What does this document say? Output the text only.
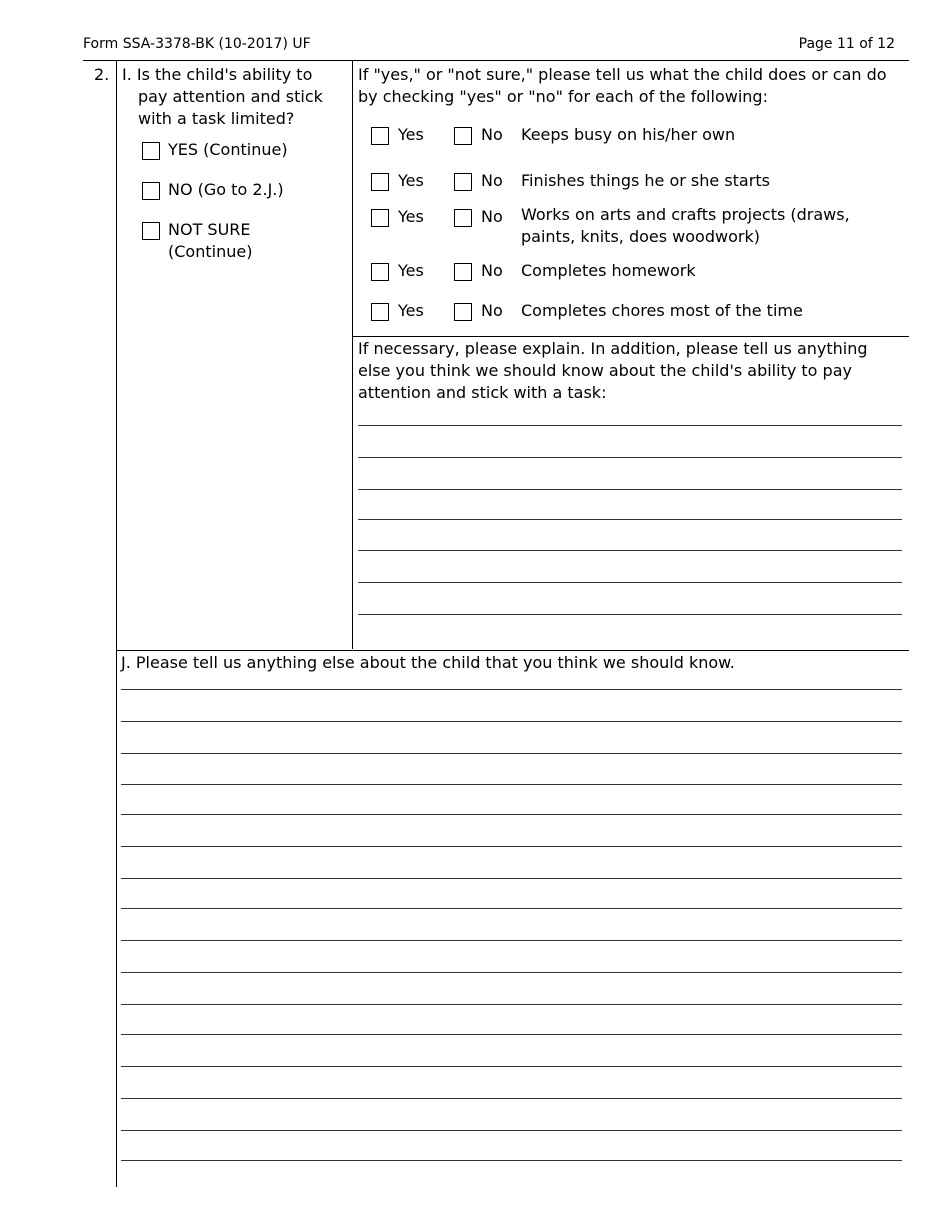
Form SSA-3378-BK (10-2017) UF	Page 11 of 12
2. I. Is the child's ability to
pay attention and stick
with a task limited?
YES (Continue)
NO (Go to 2.J.)
NOT SURE
(Continue)
If "yes," or "not sure," please tell us what the child does or can do
by checking "yes" or "no" for each of the following:
Yes	No Keeps busy on his/her own
Yes	No Finishes things he or she starts
Yes	No Works on arts and crafts projects (draws,
paints, knits, does woodwork)
Yes	No Completes homework
Yes	No Completes chores most of the time
If necessary, please explain. In addition, please tell us anything
else you think we should know about the child's ability to pay
attention and stick with a task:
J. Please tell us anything else about the child that you think we should know.
